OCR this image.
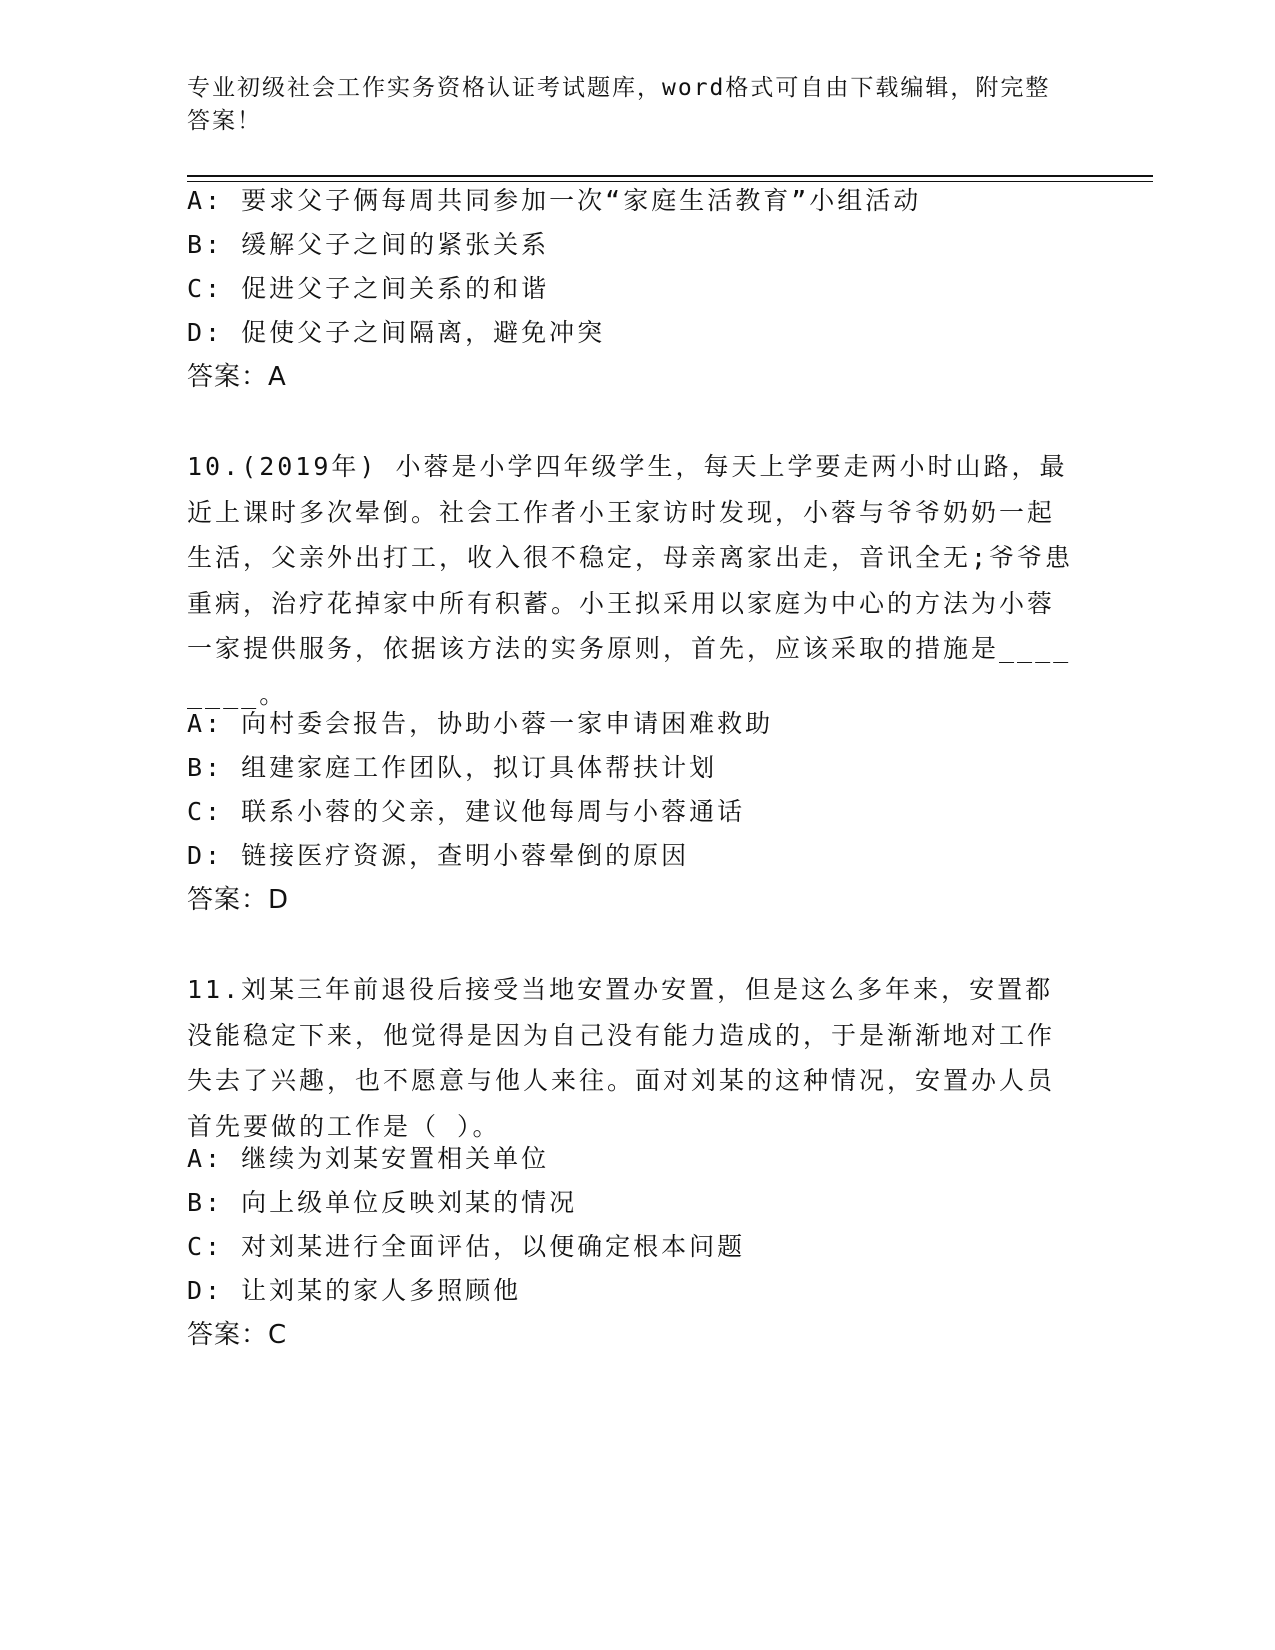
专业初级社会工作实务资格认证考试题库，word格式可自由下载编辑，附完整答案！
A: 要求父子俩每周共同参加一次“家庭生活教育”小组活动
B: 缓解父子之间的紧张关系
C: 促进父子之间关系的和谐
D: 促使父子之间隔离，避免冲突
答案：A
10.(2019年) 小蓉是小学四年级学生，每天上学要走两小时山路，最近上课时多次晕倒。社会工作者小王家访时发现，小蓉与爷爷奶奶一起生活，父亲外出打工，收入很不稳定，母亲离家出走，音讯全无;爷爷患重病，治疗花掉家中所有积蓄。小王拟采用以家庭为中心的方法为小蓉一家提供服务，依据该方法的实务原则，首先，应该采取的措施是________。
A: 向村委会报告，协助小蓉一家申请困难救助
B: 组建家庭工作团队，拟订具体帮扶计划
C: 联系小蓉的父亲，建议他每周与小蓉通话
D: 链接医疗资源，查明小蓉晕倒的原因
答案：D
11.刘某三年前退役后接受当地安置办安置，但是这么多年来，安置都没能稳定下来，他觉得是因为自己没有能力造成的，于是渐渐地对工作失去了兴趣，也不愿意与他人来往。面对刘某的这种情况，安置办人员首先要做的工作是（ ）。
A: 继续为刘某安置相关单位
B: 向上级单位反映刘某的情况
C: 对刘某进行全面评估，以便确定根本问题
D: 让刘某的家人多照顾他
答案：C
